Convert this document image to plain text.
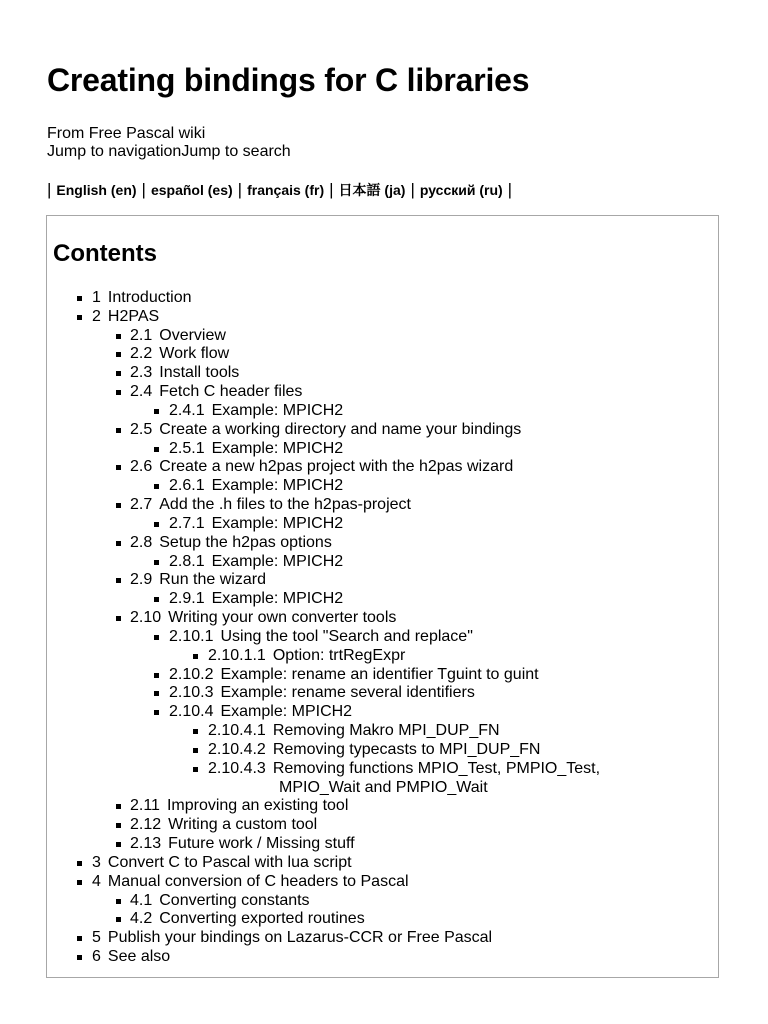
Creating bindings for C libraries
From Free Pascal wiki
Jump to navigationJump to search
| English (en) | español (es) | français (fr) | 日本語 (ja) | русский (ru) |
Contents
1 Introduction
2 H2PAS
2.1 Overview
2.2 Work flow
2.3 Install tools
2.4 Fetch C header files
2.4.1 Example: MPICH2
2.5 Create a working directory and name your bindings
2.5.1 Example: MPICH2
2.6 Create a new h2pas project with the h2pas wizard
2.6.1 Example: MPICH2
2.7 Add the .h files to the h2pas-project
2.7.1 Example: MPICH2
2.8 Setup the h2pas options
2.8.1 Example: MPICH2
2.9 Run the wizard
2.9.1 Example: MPICH2
2.10 Writing your own converter tools
2.10.1 Using the tool "Search and replace"
2.10.1.1 Option: trtRegExpr
2.10.2 Example: rename an identifier Tguint to guint
2.10.3 Example: rename several identifiers
2.10.4 Example: MPICH2
2.10.4.1 Removing Makro MPI_DUP_FN
2.10.4.2 Removing typecasts to MPI_DUP_FN
2.10.4.3 Removing functions MPIO_Test, PMPIO_Test,
MPIO_Wait and PMPIO_Wait
2.11 Improving an existing tool
2.12 Writing a custom tool
2.13 Future work / Missing stuff
3 Convert C to Pascal with lua script
4 Manual conversion of C headers to Pascal
4.1 Converting constants
4.2 Converting exported routines
5 Publish your bindings on Lazarus-CCR or Free Pascal
6 See also
